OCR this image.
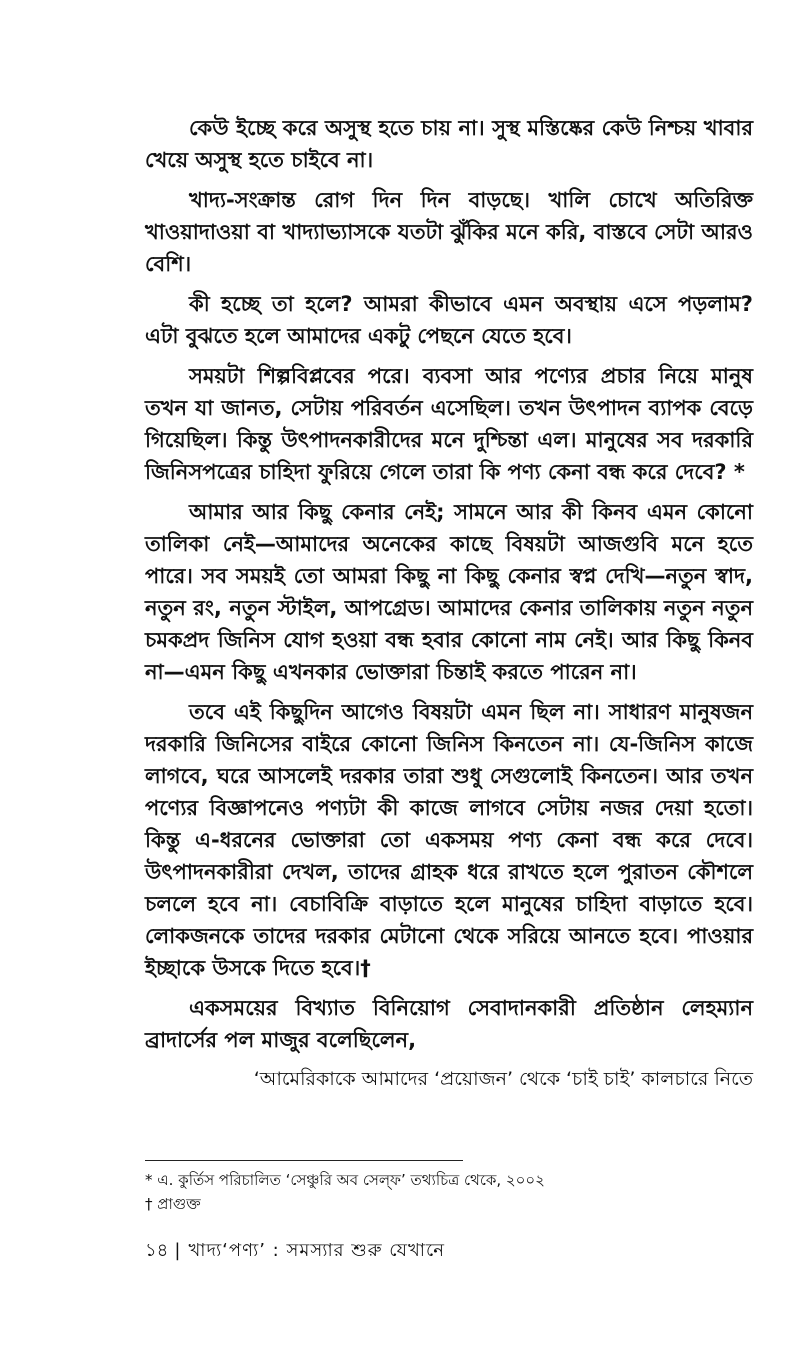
কেউ ইচ্ছে করে অসুস্থ হতে চায় না। সুস্থ মস্তিষ্কের কেউ নিশ্চয় খাবার খেয়ে অসুস্থ হতে চাইবে না।

খাদ্য-সংক্রান্ত রোগ দিন দিন বাড়ছে। খালি চোখে অতিরিক্ত খাওয়াদাওয়া বা খাদ্যাভ্যাসকে যতটা ঝুঁকির মনে করি, বাস্তবে সেটা আরও বেশি।

কী হচ্ছে তা হলে? আমরা কীভাবে এমন অবস্থায় এসে পড়লাম? এটা বুঝতে হলে আমাদের একটু পেছনে যেতে হবে।

সময়টা শিল্পবিপ্লবের পরে। ব্যবসা আর পণ্যের প্রচার নিয়ে মানুষ তখন যা জানত, সেটায় পরিবর্তন এসেছিল। তখন উৎপাদন ব্যাপক বেড়ে গিয়েছিল। কিন্তু উৎপাদনকারীদের মনে দুশ্চিন্তা এল। মানুষের সব দরকারি জিনিসপত্রের চাহিদা ফুরিয়ে গেলে তারা কি পণ্য কেনা বন্ধ করে দেবে? *

আমার আর কিছু কেনার নেই; সামনে আর কী কিনব এমন কোনো তালিকা নেই—আমাদের অনেকের কাছে বিষয়টা আজগুবি মনে হতে পারে। সব সময়ই তো আমরা কিছু না কিছু কেনার স্বপ্ন দেখি—নতুন স্বাদ, নতুন রং, নতুন স্টাইল, আপগ্রেড। আমাদের কেনার তালিকায় নতুন নতুন চমকপ্রদ জিনিস যোগ হওয়া বন্ধ হবার কোনো নাম নেই। আর কিছু কিনব না—এমন কিছু এখনকার ভোক্তারা চিন্তাই করতে পারেন না।

তবে এই কিছুদিন আগেও বিষয়টা এমন ছিল না। সাধারণ মানুষজন দরকারি জিনিসের বাইরে কোনো জিনিস কিনতেন না। যে-জিনিস কাজে লাগবে, ঘরে আসলেই দরকার তারা শুধু সেগুলোই কিনতেন। আর তখন পণ্যের বিজ্ঞাপনেও পণ্যটা কী কাজে লাগবে সেটায় নজর দেয়া হতো। কিন্তু এ-ধরনের ভোক্তারা তো একসময় পণ্য কেনা বন্ধ করে দেবে। উৎপাদনকারীরা দেখল, তাদের গ্রাহক ধরে রাখতে হলে পুরাতন কৌশলে চললে হবে না। বেচাবিক্রি বাড়াতে হলে মানুষের চাহিদা বাড়াতে হবে। লোকজনকে তাদের দরকার মেটানো থেকে সরিয়ে আনতে হবে। পাওয়ার ইচ্ছাকে উসকে দিতে হবে।†

একসময়ের বিখ্যাত বিনিয়োগ সেবাদানকারী প্রতিষ্ঠান লেহম্যান ব্রাদার্সের পল মাজুর বলেছিলেন,

‘আমেরিকাকে আমাদের ‘প্রয়োজন’ থেকে ‘চাই চাই’ কালচারে নিতে

* এ. কুর্তিস পরিচালিত ‘সেঞ্চুরি অব সেল্‌ফ’ তথ্যচিত্র থেকে, ২০০২

† প্রাগুক্ত

১৪ | খাদ্য‘পণ্য’ : সমস্যার শুরু যেখানে
